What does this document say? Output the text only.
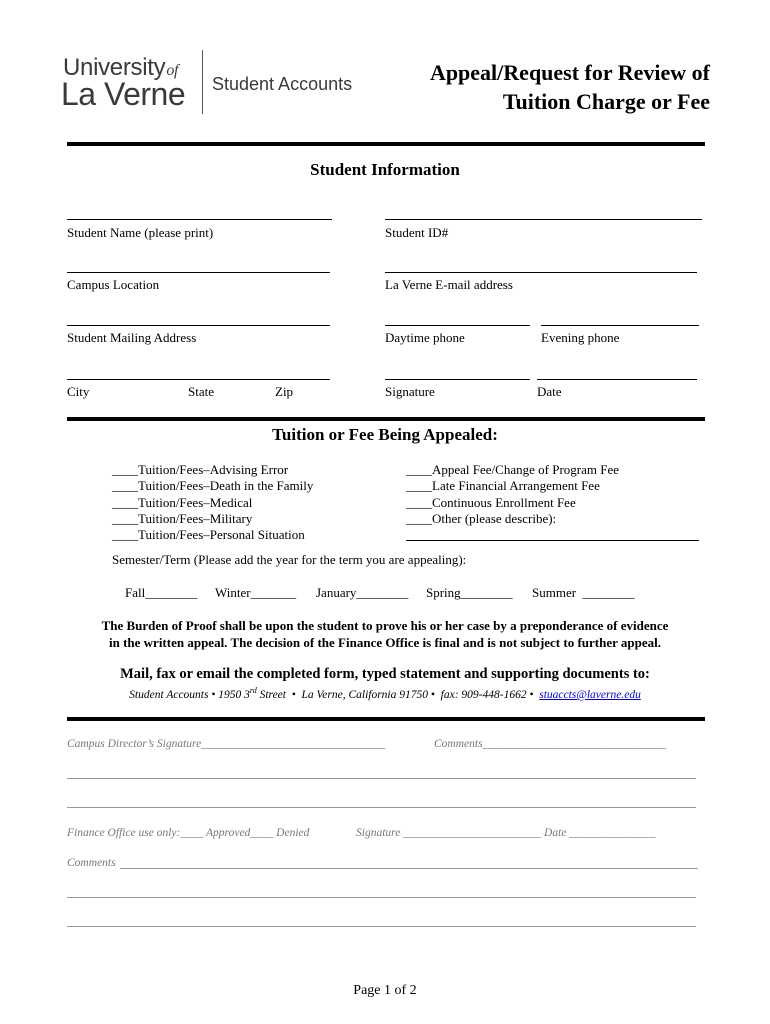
Universityof
La Verne Student Accounts	Appeal/Request for Review of
Tuition Charge or Fee
Student Information
Student Name (please print)	Student ID#
Campus Location	La Verne E-mail address
Student Mailing Address	Daytime phone	Evening phone
City	State	Zip	Signature	Date
Tuition or Fee Being Appealed:
____Tuition/Fees–Advising Error
____Tuition/Fees–Death in the Family
____Tuition/Fees–Medical
____Tuition/Fees–Military
____Tuition/Fees–Personal Situation
____Appeal Fee/Change of Program Fee
____Late Financial Arrangement Fee
____Continuous Enrollment Fee
____Other (please describe):
Semester/Term (Please add the year for the term you are appealing):
Fall________ Winter_______ January________ Spring________ Summer  ________
The Burden of Proof shall be upon the student to prove his or her case by a preponderance of evidence
in the written appeal. The decision of the Finance Office is final and is not subject to further appeal.
Mail, fax or email the completed form, typed statement and supporting documents to:
Student Accounts • 1950 3rd Street  •  La Verne, California 91750 •  fax: 909-448-1662 •  stuaccts@laverne.edu
Campus Director’s Signature________________________________	Comments________________________________
Finance Office use only:____ Approved____ Denied	Signature ________________________ Date _______________
Comments
Page 1 of 2
